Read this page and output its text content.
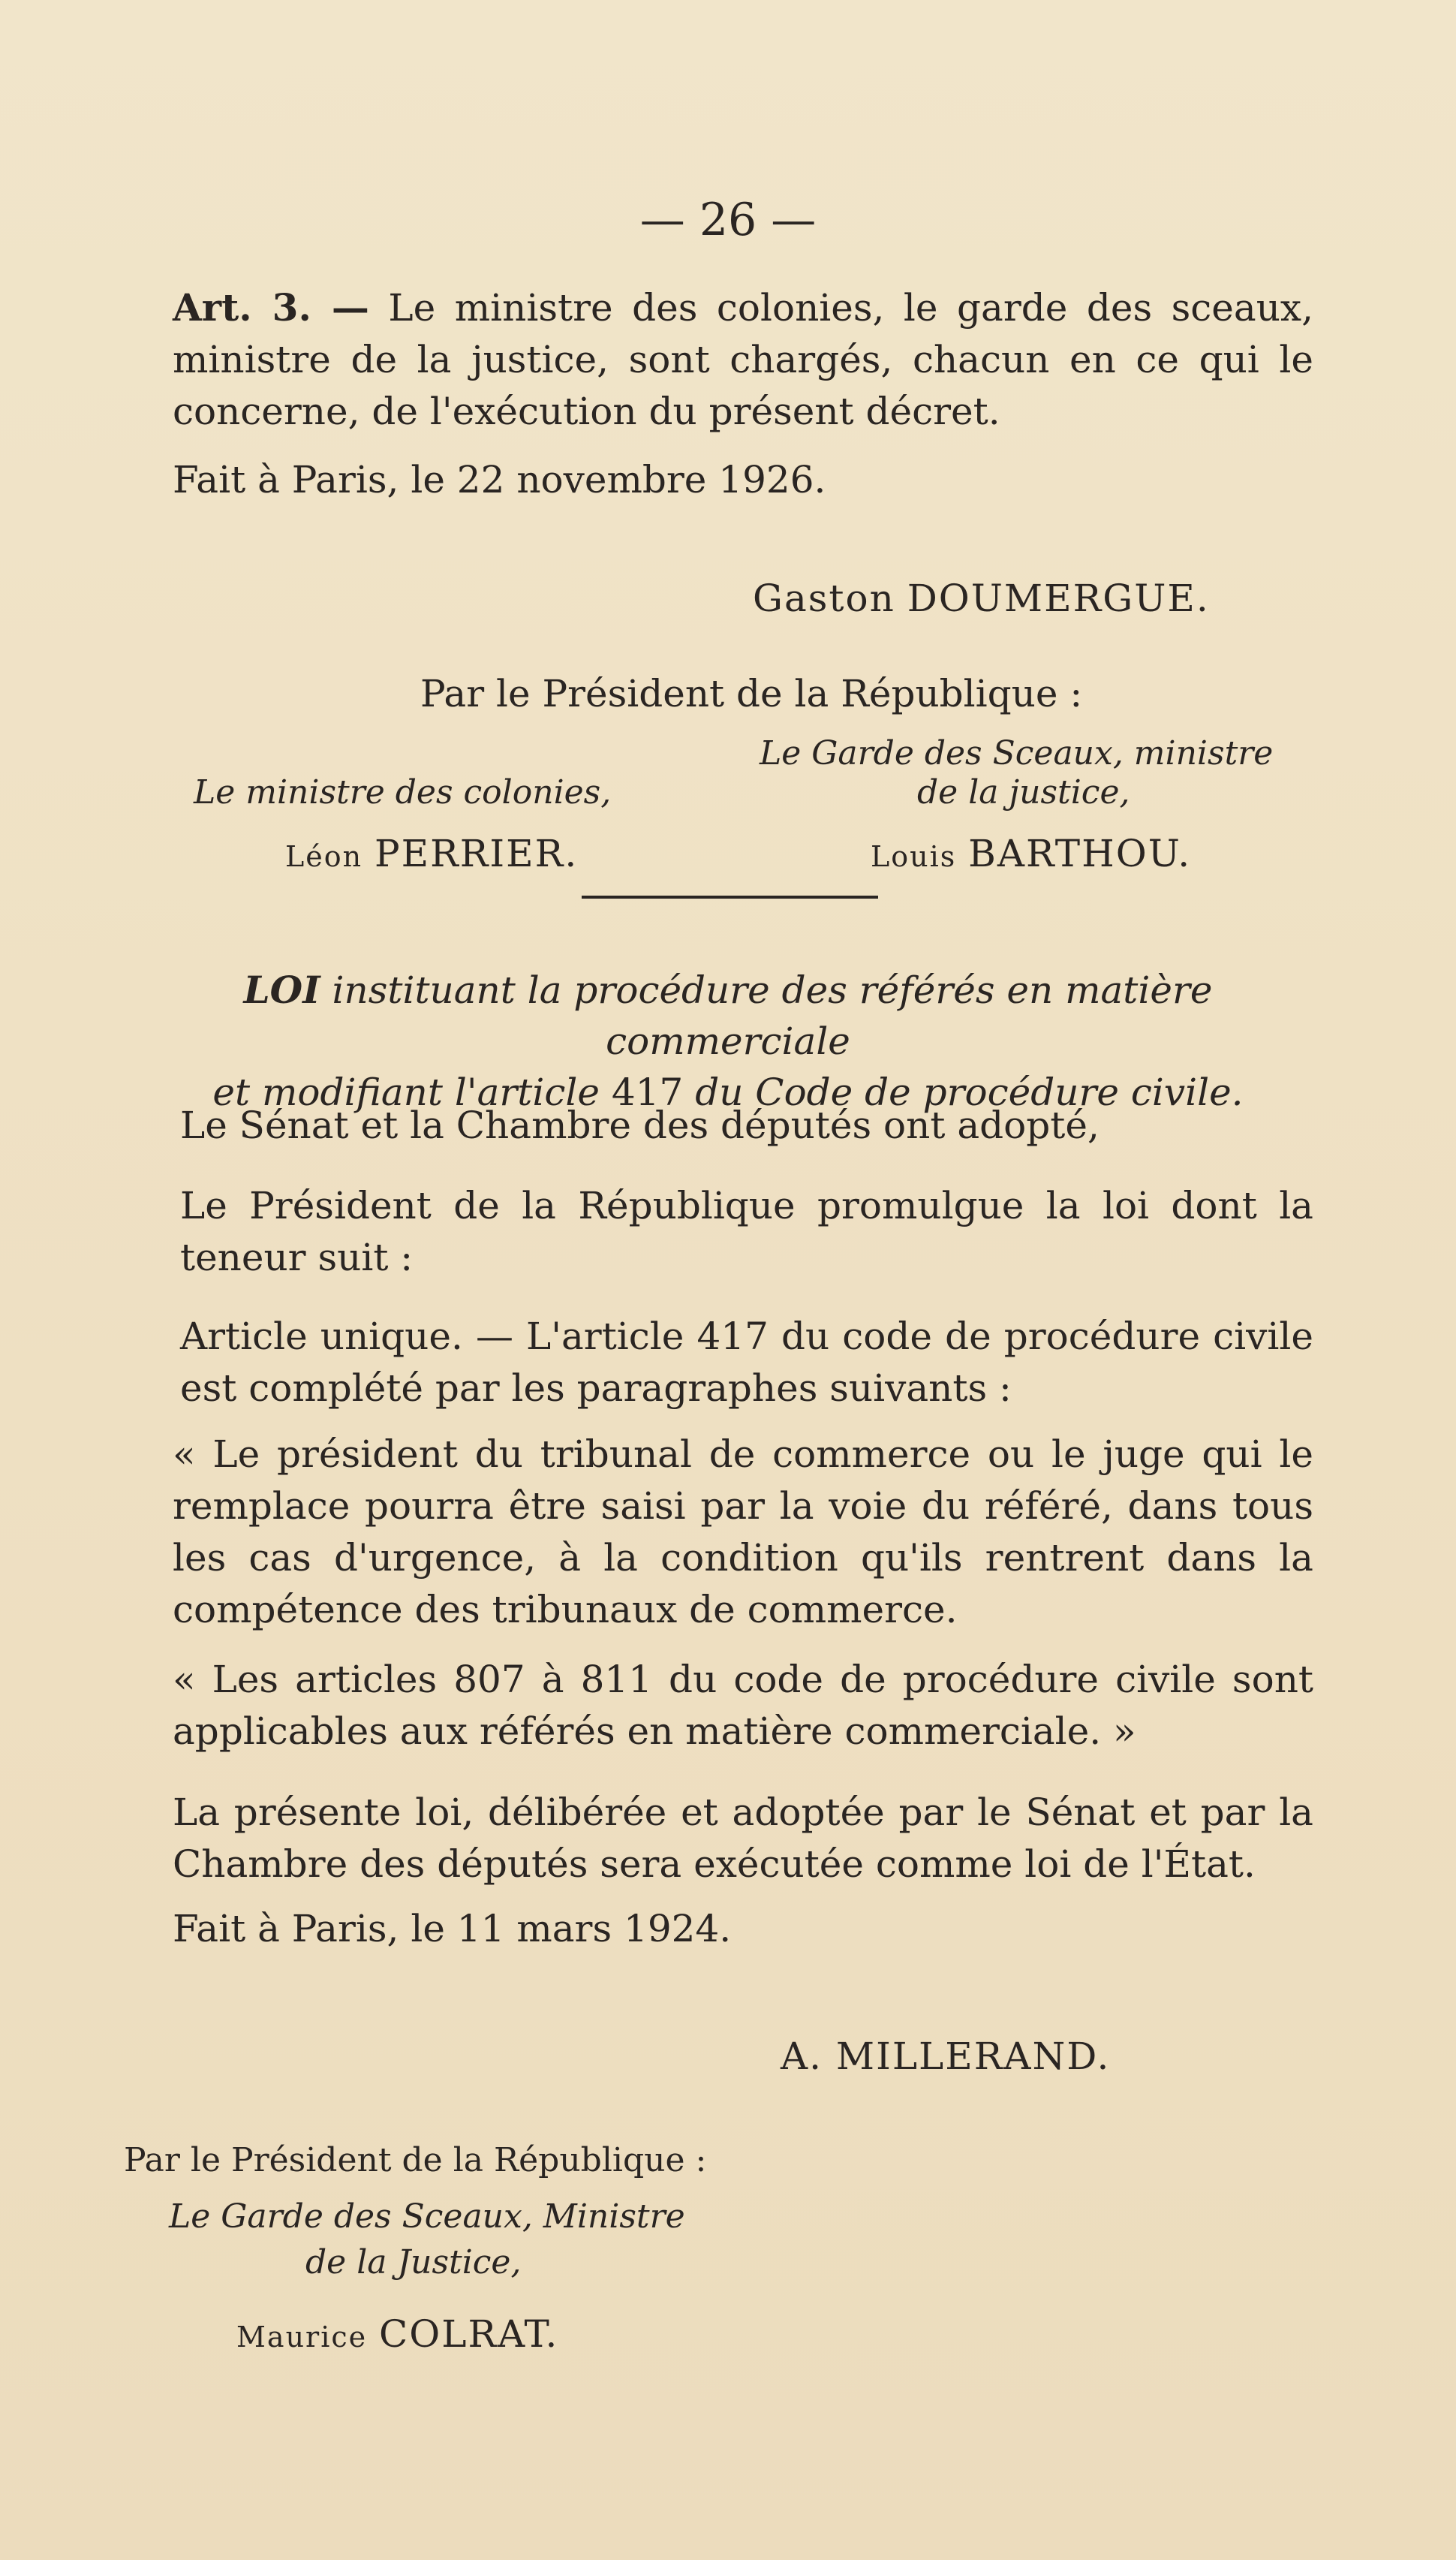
— 26 —
Art. 3. — Le ministre des colonies, le garde des sceaux, ministre de la justice, sont chargés, chacun en ce qui le concerne, de l'exécution du présent décret.
Fait à Paris, le 22 novembre 1926.
Gaston DOUMERGUE.
Par le Président de la République :
Le Garde des Sceaux, ministre
Le ministre des colonies,	de la justice,
Léon PERRIER.	Louis BARTHOU.
LOI instituant la procédure des référés en matière commerciale
et modifiant l'article 417 du Code de procédure civile.
Le Sénat et la Chambre des députés ont adopté,
Le Président de la République promulgue la loi dont la teneur suit :
Article unique. — L'article 417 du code de procédure civile est complété par les paragraphes suivants :
« Le président du tribunal de commerce ou le juge qui le remplace pourra être saisi par la voie du référé, dans tous les cas d'urgence, à la condition qu'ils rentrent dans la compétence des tribunaux de commerce.
« Les articles 807 à 811 du code de procédure civile sont applicables aux référés en matière commerciale. »
La présente loi, délibérée et adoptée par le Sénat et par la Chambre des députés sera exécutée comme loi de l'État.
Fait à Paris, le 11 mars 1924.
A. MILLERAND.
Par le Président de la République :
Le Garde des Sceaux, Ministre
de la Justice,
Maurice COLRAT.
